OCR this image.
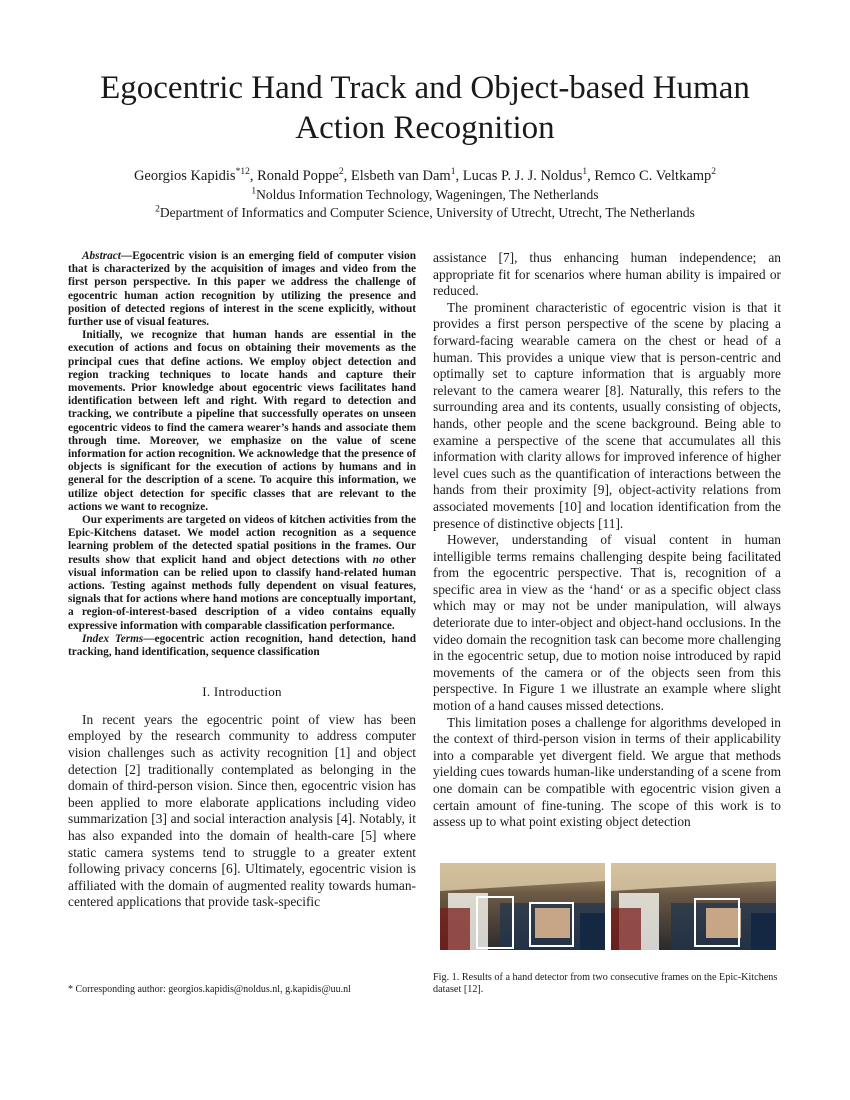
Egocentric Hand Track and Object-based Human
Action Recognition
Georgios Kapidis$^{*12}$, Ronald Poppe$^2$, Elsbeth van Dam$^1$, Lucas P. J. J. Noldus$^1$, Remco C. Veltkamp$^2$
$^1$Noldus Information Technology, Wageningen, The Netherlands
$^2$Department of Informatics and Computer Science, University of Utrecht, Utrecht, The Netherlands

Abstract—Egocentric vision is an emerging field of computer vision that is characterized by the acquisition of images and video from the first person perspective. In this paper we address the challenge of egocentric human action recognition by utilizing the presence and position of detected regions of interest in the scene explicitly, without further use of visual features.

Initially, we recognize that human hands are essential in the execution of actions and focus on obtaining their movements as the principal cues that define actions. We employ object detection and region tracking techniques to locate hands and capture their movements. Prior knowledge about egocentric views facilitates hand identification between left and right. With regard to detection and tracking, we contribute a pipeline that successfully operates on unseen egocentric videos to find the camera wearer’s hands and associate them through time. Moreover, we emphasize on the value of scene information for action recognition. We acknowledge that the presence of objects is significant for the execution of actions by humans and in general for the description of a scene. To acquire this information, we utilize object detection for specific classes that are relevant to the actions we want to recognize.

Our experiments are targeted on videos of kitchen activities from the Epic-Kitchens dataset. We model action recognition as a sequence learning problem of the detected spatial positions in the frames. Our results show that explicit hand and object detections with no other visual information can be relied upon to classify hand-related human actions. Testing against methods fully dependent on visual features, signals that for actions where hand motions are conceptually important, a region-of-interest-based description of a video contains equally expressive information with comparable classification performance.

Index Terms—egocentric action recognition, hand detection, hand tracking, hand identification, sequence classification

I. Introduction

In recent years the egocentric point of view has been employed by the research community to address computer vision challenges such as activity recognition [1] and object detection [2] traditionally contemplated as belonging in the domain of third-person vision. Since then, egocentric vision has been applied to more elaborate applications including video summarization [3] and social interaction analysis [4]. Notably, it has also expanded into the domain of health-care [5] where static camera systems tend to struggle to a greater extent following privacy concerns [6]. Ultimately, egocentric vision is affiliated with the domain of augmented reality towards human-centered applications that provide task-specific

* Corresponding author: georgios.kapidis@noldus.nl, g.kapidis@uu.nl

assistance [7], thus enhancing human independence; an appropriate fit for scenarios where human ability is impaired or reduced.

The prominent characteristic of egocentric vision is that it provides a first person perspective of the scene by placing a forward-facing wearable camera on the chest or head of a human. This provides a unique view that is person-centric and optimally set to capture information that is arguably more relevant to the camera wearer [8]. Naturally, this refers to the surrounding area and its contents, usually consisting of objects, hands, other people and the scene background. Being able to examine a perspective of the scene that accumulates all this information with clarity allows for improved inference of higher level cues such as the quantification of interactions between the hands from their proximity [9], object-activity relations from associated movements [10] and location identification from the presence of distinctive objects [11].

However, understanding of visual content in human intelligible terms remains challenging despite being facilitated from the egocentric perspective. That is, recognition of a specific area in view as the ‘hand‘ or as a specific object class which may or may not be under manipulation, will always deteriorate due to inter-object and object-hand occlusions. In the video domain the recognition task can become more challenging in the egocentric setup, due to motion noise introduced by rapid movements of the camera or of the objects seen from this perspective. In Figure 1 we illustrate an example where slight motion of a hand causes missed detections.

This limitation poses a challenge for algorithms developed in the context of third-person vision in terms of their applicability into a comparable yet divergent field. We argue that methods yielding cues towards human-like understanding of a scene from one domain can be compatible with egocentric vision given a certain amount of fine-tuning. The scope of this work is to assess up to what point existing object detection

Fig. 1. Results of a hand detector from two consecutive frames on the Epic-Kitchens dataset [12].
